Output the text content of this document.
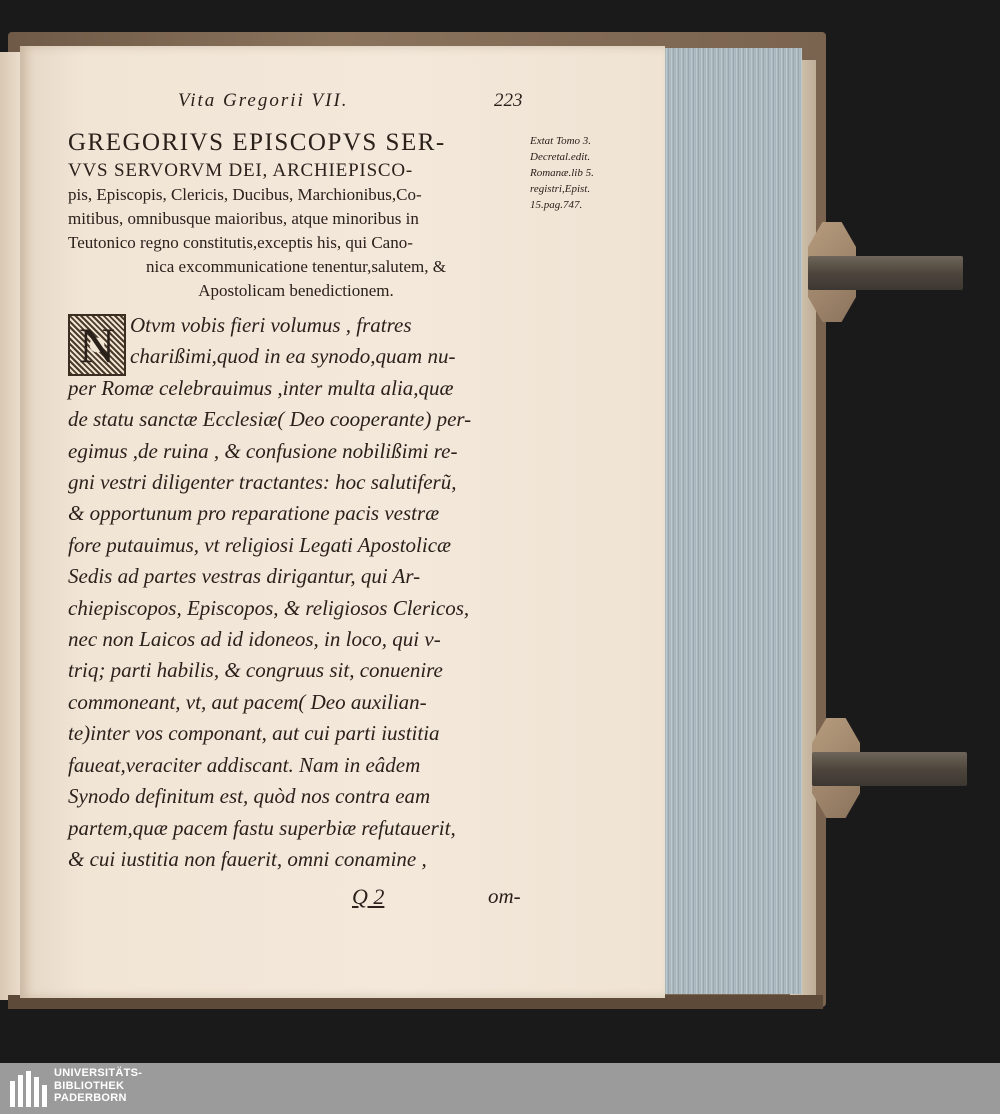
Vita Gregorii VII.	223
Extat Tomo 3.
Decretal.edit.
Romanæ.lib 5.
registri,Epist.
15.pag.747.
GREGORIVS EPISCOPVS SER-
VVS SERVORVM DEI, ARCHIEPISCO-
pis, Episcopis, Clericis, Ducibus, Marchionibus,Co-
mitibus, omnibusque maioribus, atque minoribus in
Teutonico regno constitutis,exceptis his, qui Cano-
nica excommunicatione tenentur,salutem, &
Apostolicam benedictionem.
N Otvm vobis fieri volumus , fratres
charißimi,quod in ea synodo,quam nu-
per Romæ celebrauimus ,inter multa alia,quæ
de statu sanctæ Ecclesiæ( Deo cooperante) per-
egimus ,de ruina , & confusione nobilißimi re-
gni vestri diligenter tractantes: hoc salutiferũ,
& opportunum pro reparatione pacis vestræ
fore putauimus, vt religiosi Legati Apostolicæ
Sedis ad partes vestras dirigantur, qui Ar-
chiepiscopos, Episcopos, & religiosos Clericos,
nec non Laicos ad id idoneos, in loco, qui v-
triq; parti habilis, & congruus sit, conuenire
commoneant, vt, aut pacem( Deo auxilian-
te)inter vos componant, aut cui parti iustitia
faueat,veraciter addiscant. Nam in eâdem
Synodo definitum est, quòd nos contra eam
partem,quæ pacem fastu superbiæ refutauerit,
& cui iustitia non fauerit, omni conamine ,
Q 2	om-
UNIVERSITÄTS-
BIBLIOTHEK
PADERBORN
